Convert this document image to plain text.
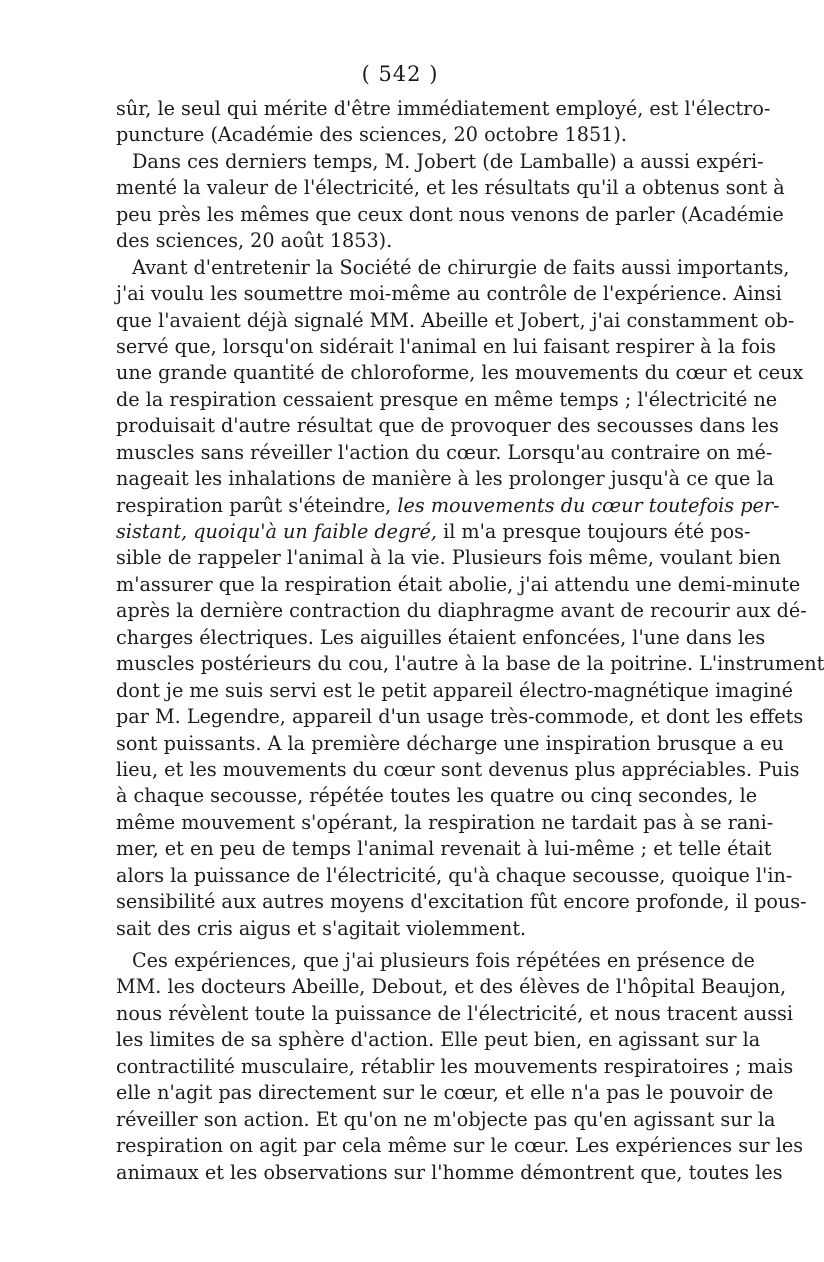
( 542 )
sûr, le seul qui mérite d'être immédiatement employé, est l'électro-
puncture (Académie des sciences, 20 octobre 1851).
Dans ces derniers temps, M. Jobert (de Lamballe) a aussi expéri-
menté la valeur de l'électricité, et les résultats qu'il a obtenus sont à
peu près les mêmes que ceux dont nous venons de parler (Académie
des sciences, 20 août 1853).
Avant d'entretenir la Société de chirurgie de faits aussi importants,
j'ai voulu les soumettre moi-même au contrôle de l'expérience. Ainsi
que l'avaient déjà signalé MM. Abeille et Jobert, j'ai constamment ob-
servé que, lorsqu'on sidérait l'animal en lui faisant respirer à la fois
une grande quantité de chloroforme, les mouvements du cœur et ceux
de la respiration cessaient presque en même temps ; l'électricité ne
produisait d'autre résultat que de provoquer des secousses dans les
muscles sans réveiller l'action du cœur. Lorsqu'au contraire on mé-
nageait les inhalations de manière à les prolonger jusqu'à ce que la
respiration parût s'éteindre, les mouvements du cœur toutefois per-
sistant, quoiqu'à un faible degré, il m'a presque toujours été pos-
sible de rappeler l'animal à la vie. Plusieurs fois même, voulant bien
m'assurer que la respiration était abolie, j'ai attendu une demi-minute
après la dernière contraction du diaphragme avant de recourir aux dé-
charges électriques. Les aiguilles étaient enfoncées, l'une dans les
muscles postérieurs du cou, l'autre à la base de la poitrine. L'instrument
dont je me suis servi est le petit appareil électro-magnétique imaginé
par M. Legendre, appareil d'un usage très-commode, et dont les effets
sont puissants. A la première décharge une inspiration brusque a eu
lieu, et les mouvements du cœur sont devenus plus appréciables. Puis
à chaque secousse, répétée toutes les quatre ou cinq secondes, le
même mouvement s'opérant, la respiration ne tardait pas à se rani-
mer, et en peu de temps l'animal revenait à lui-même ; et telle était
alors la puissance de l'électricité, qu'à chaque secousse, quoique l'in-
sensibilité aux autres moyens d'excitation fût encore profonde, il pous-
sait des cris aigus et s'agitait violemment.
Ces expériences, que j'ai plusieurs fois répétées en présence de
MM. les docteurs Abeille, Debout, et des élèves de l'hôpital Beaujon,
nous révèlent toute la puissance de l'électricité, et nous tracent aussi
les limites de sa sphère d'action. Elle peut bien, en agissant sur la
contractilité musculaire, rétablir les mouvements respiratoires ; mais
elle n'agit pas directement sur le cœur, et elle n'a pas le pouvoir de
réveiller son action. Et qu'on ne m'objecte pas qu'en agissant sur la
respiration on agit par cela même sur le cœur. Les expériences sur les
animaux et les observations sur l'homme démontrent que, toutes les
